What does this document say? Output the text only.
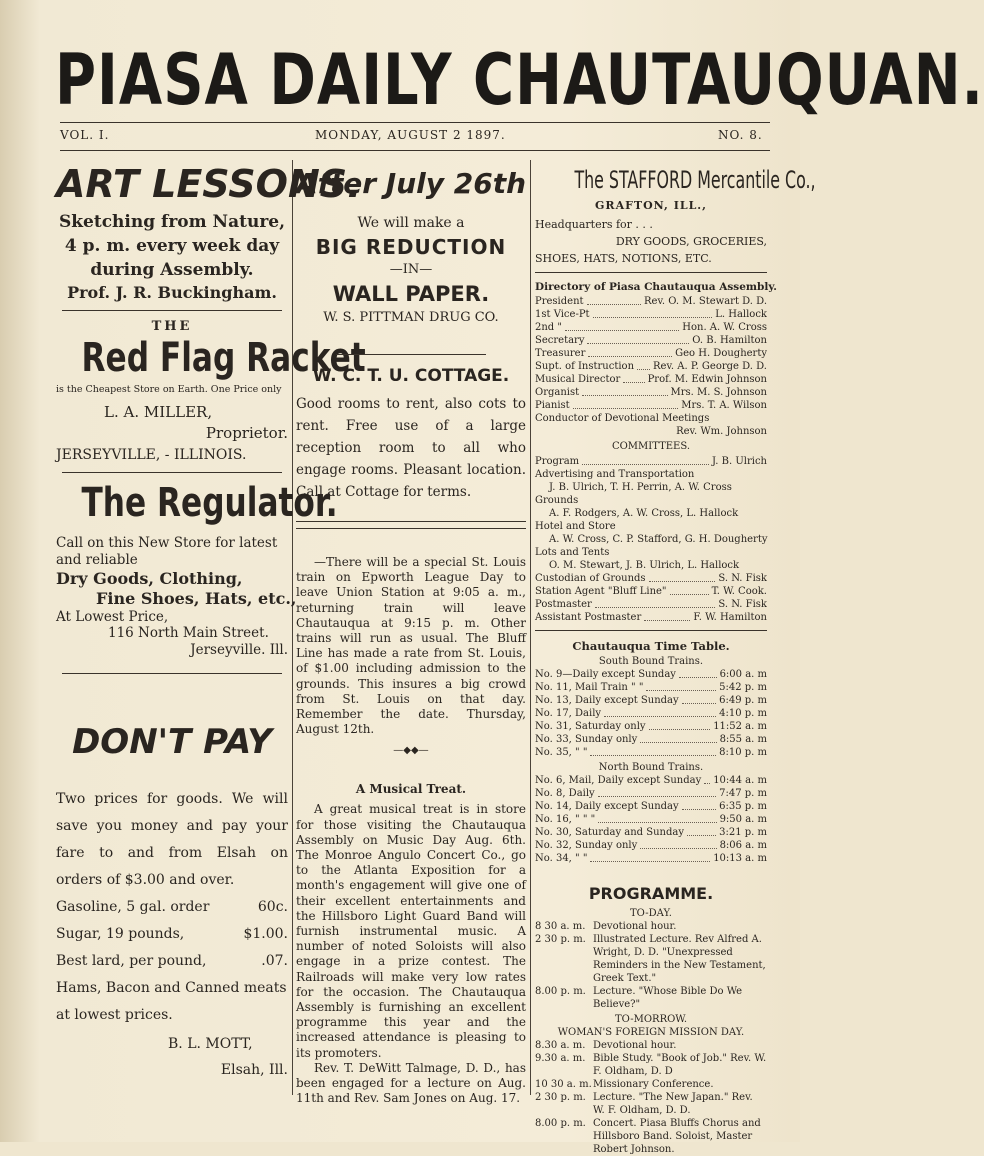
PIASA DAILY CHAUTAUQUAN.
VOL. I.	MONDAY, AUGUST 2 1897.	NO. 8.
ART LESSONS.
Sketching from Nature, 4 p. m. every week day during Assembly.
Prof. J. R. Buckingham.
THE
Red Flag Racket
is the Cheapest Store on Earth. One Price only
L. A. MILLER,
Proprietor.
JERSEYVILLE, - ILLINOIS.
The Regulator.
Call on this New Store for latest and reliable
Dry Goods, Clothing,
Fine Shoes, Hats, etc.,
At Lowest Price,
116 North Main Street.
Jerseyville. Ill.
DON'T PAY
Two prices for goods. We will save you money and pay your fare to and from Elsah on orders of $3.00 and over.
Gasoline, 5 gal. order	60c.
Sugar, 19 pounds,	$1.00.
Best lard, per pound,	.07.
Hams, Bacon and Canned meats at lowest prices.
B. L. MOTT,
Elsah, Ill.
After July 26th
We will make a
BIG REDUCTION
—IN—
WALL PAPER.
W. S. PITTMAN DRUG CO.
W. C. T. U. COTTAGE.
Good rooms to rent, also cots to rent. Free use of a large reception room to all who engage rooms. Pleasant location. Call at Cottage for terms.
—There will be a special St. Louis train on Epworth League Day to leave Union Station at 9:05 a. m., returning train will leave Chautauqua at 9:15 p. m. Other trains will run as usual. The Bluff Line has made a rate from St. Louis, of $1.00 including admission to the grounds. This insures a big crowd from St. Louis on that day. Remember the date. Thursday, August 12th.
—◆◆—
A Musical Treat.
A great musical treat is in store for those visiting the Chautauqua Assembly on Music Day Aug. 6th. The Monroe Angulo Concert Co., go to the Atlanta Exposition for a month's engagement will give one of their excellent entertainments and the Hillsboro Light Guard Band will furnish instrumental music. A number of noted Soloists will also engage in a prize contest. The Railroads will make very low rates for the occasion. The Chautauqua Assembly is furnishing an excellent programme this year and the increased attendance is pleasing to its promoters.
Rev. T. DeWitt Talmage, D. D., has been engaged for a lecture on Aug. 11th and Rev. Sam Jones on Aug. 17.
The STAFFORD Mercantile Co.,
GRAFTON, ILL.,
Headquarters for . . .
DRY GOODS, GROCERIES,
SHOES, HATS, NOTIONS, ETC.
Directory of Piasa Chautauqua Assembly.
President	Rev. O. M. Stewart D. D.
1st Vice-Pt	L. Hallock
2nd "	Hon. A. W. Cross
Secretary	O. B. Hamilton
Treasurer	Geo H. Dougherty
Supt. of Instruction Rev. A. P. George D. D.
Musical Director	Prof. M. Edwin Johnson
Organist	Mrs. M. S. Johnson
Pianist	Mrs. T. A. Wilson
Conductor of Devotional Meetings
Rev. Wm. Johnson
COMMITTEES.
Program	J. B. Ulrich
Advertising and Transportation
J. B. Ulrich, T. H. Perrin, A. W. Cross
Grounds
A. F. Rodgers, A. W. Cross, L. Hallock
Hotel and Store
A. W. Cross, C. P. Stafford, G. H. Dougherty
Lots and Tents
O. M. Stewart, J. B. Ulrich, L. Hallock
Custodian of Grounds	S. N. Fisk
Station Agent "Bluff Line"	T. W. Cook.
Postmaster	S. N. Fisk
Assistant Postmaster	F. W. Hamilton
Chautauqua Time Table.
South Bound Trains.
No. 9—Daily except Sunday	6:00 a. m
No. 11, Mail Train " "	5:42 p. m
No. 13, Daily except Sunday	6:49 p. m
No. 17, Daily	4:10 p. m
No. 31, Saturday only	11:52 a. m
No. 33, Sunday only	8:55 a. m
No. 35, " "	8:10 p. m
North Bound Trains.
No. 6, Mail, Daily except Sunday 10:44 a. m
No. 8, Daily	7:47 p. m
No. 14, Daily except Sunday	6:35 p. m
No. 16, " " "	9:50 a. m
No. 30, Saturday and Sunday	3:21 p. m
No. 32, Sunday only	8:06 a. m
No. 34, " "	10:13 a. m
PROGRAMME.
TO-DAY.
8 30 a. m. Devotional hour.
2 30 p. m. Illustrated Lecture. Rev Alfred A. Wright, D. D. "Unexpressed Reminders in the New Testament, Greek Text."
8.00 p. m. Lecture. "Whose Bible Do We Believe?"
TO-MORROW.
WOMAN'S FOREIGN MISSION DAY.
8.30 a. m. Devotional hour.
9.30 a. m. Bible Study. "Book of Job." Rev. W. F. Oldham, D. D
10 30 a. m. Missionary Conference.
2 30 p. m. Lecture. "The New Japan." Rev. W. F. Oldham, D. D.
8.00 p. m. Concert. Piasa Bluffs Chorus and Hillsboro Band. Soloist, Master Robert Johnson.
